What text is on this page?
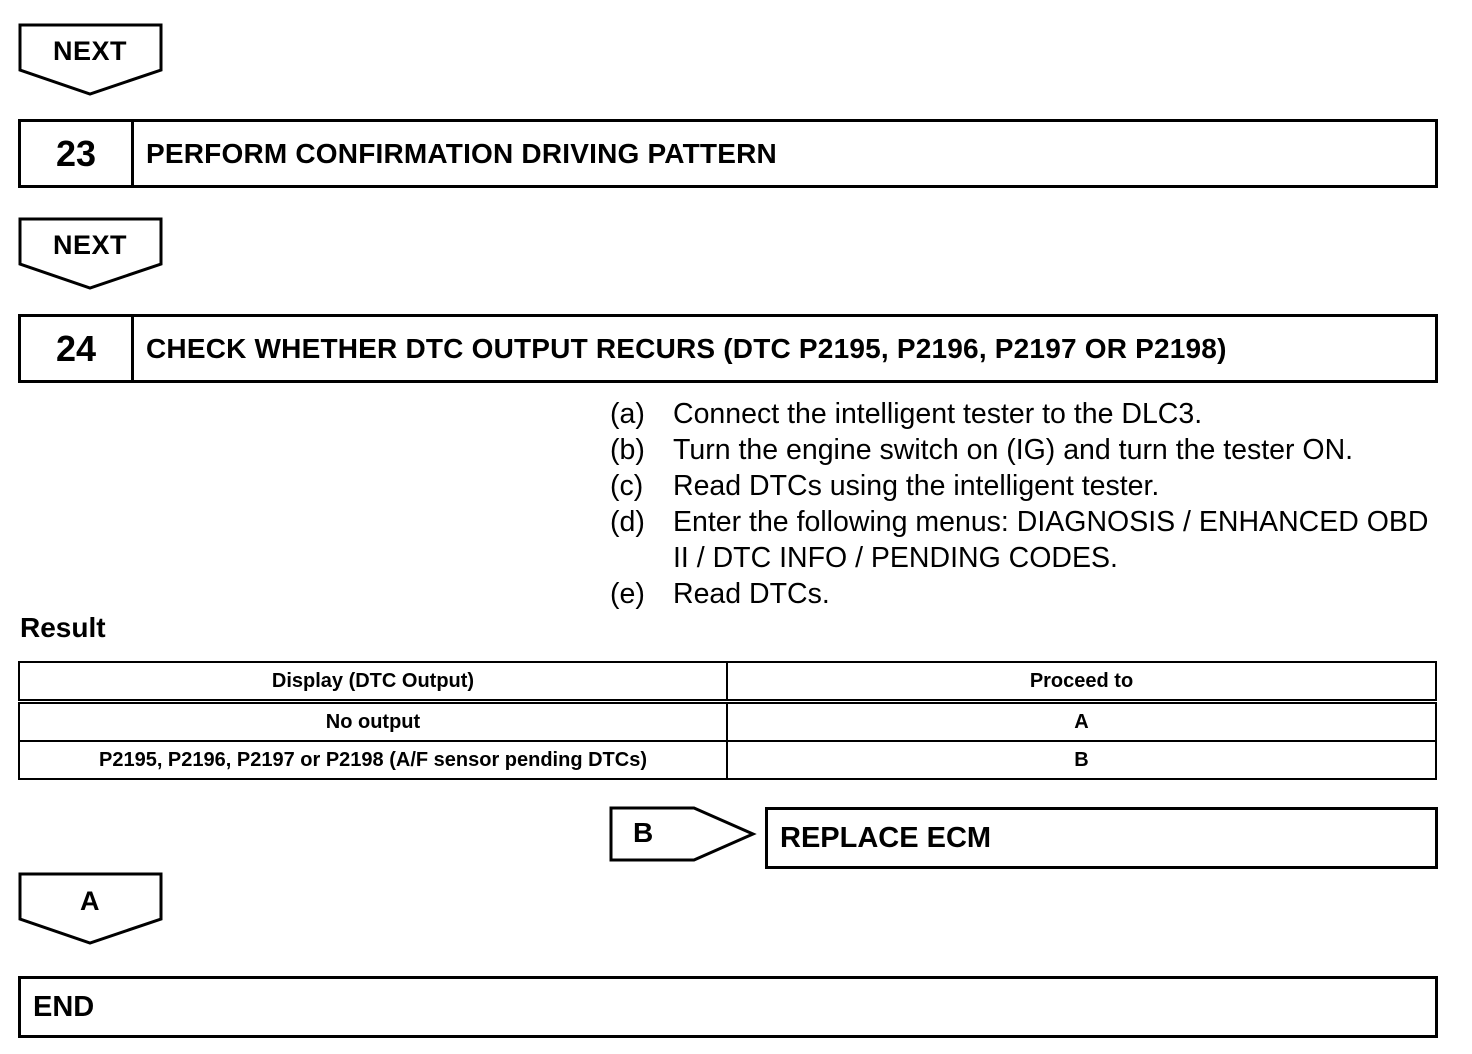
NEXT
NEXT
A
B
23	PERFORM CONFIRMATION DRIVING PATTERN
24	CHECK WHETHER DTC OUTPUT RECURS (DTC P2195, P2196, P2197 OR P2198)
(a) Connect the intelligent tester to the DLC3.
(b) Turn the engine switch on (IG) and turn the tester ON.
(c)	Read DTCs using the intelligent tester.
(d) Enter the following menus: DIAGNOSIS / ENHANCED OBD II / DTC INFO / PENDING CODES.
(e) Read DTCs.
Result
Display (DTC Output)	Proceed to
No output	A
P2195, P2196, P2197 or P2198 (A/F sensor pending DTCs)	B
REPLACE ECM
END
